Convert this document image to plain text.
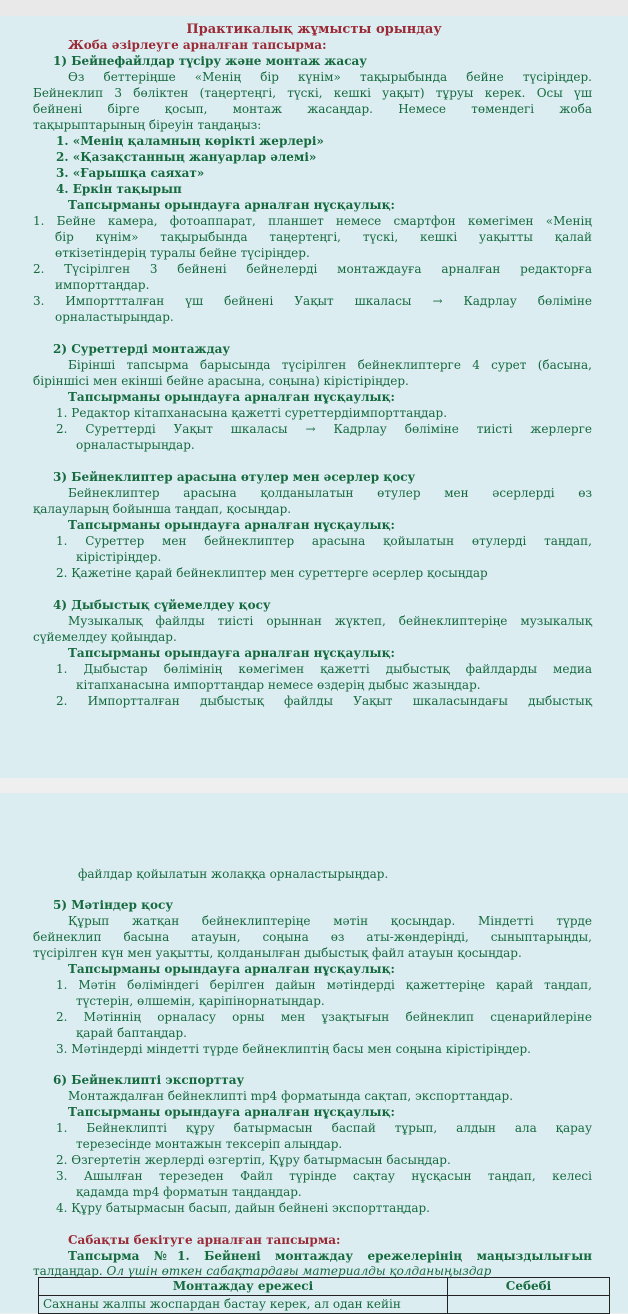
Практикалық жұмысты орындау
Жоба әзірлеуге арналған тапсырма:
1) Бейнефайлдар түсіру және монтаж жасау
Өз беттеріңше «Менің бір күнім» тақырыбында бейне түсіріңдер.
Бейнеклип 3 бөліктен (таңертеңгі, түскі, кешкі уақыт) тұруы керек. Осы үш
бейнені бірге қосып, монтаж жасаңдар. Немесе төмендегі жоба
тақырыптарының біреуін таңдаңыз:
1. «Менің қаламның көрікті жерлері»
2. «Қазақстанның жануарлар әлемі»
3. «Ғарышқа саяхат»
4. Еркін тақырып
Тапсырманы орындауға арналған нұсқаулық:
1. Бейне камера, фотоаппарат, планшет немесе смартфон көмегімен «Менің
бір күнім» тақырыбында таңертеңгі, түскі, кешкі уақытты қалай
өткізетіндерің туралы бейне түсіріңдер.
2. Түсірілген 3 бейнені бейнелерді монтаждауға арналған редакторға
импорттаңдар.
3. Импорттталған үш бейнені Уақыт шкаласы → Кадрлау бөліміне
орналастырыңдар.
2) Суреттерді монтаждау
Бірінші тапсырма барысында түсірілген бейнеклиптерге 4 сурет (басына,
біріншісі мен екінші бейне арасына, соңына) кірістіріңдер.
Тапсырманы орындауға арналған нұсқаулық:
1. Редактор кітапханасына қажетті суреттердіимпорттаңдар.
2. Суреттерді Уақыт шкаласы → Кадрлау бөліміне тиісті жерлерге
орналастырыңдар.
3) Бейнеклиптер арасына өтулер мен әсерлер қосу
Бейнеклиптер арасына қолданылатын өтулер мен әсерлерді өз
қалауларың бойынша таңдап, қосыңдар.
Тапсырманы орындауға арналған нұсқаулық:
1. Суреттер мен бейнеклиптер арасына қойылатын өтулерді таңдап,
кірістіріңдер.
2. Қажетіне қарай бейнеклиптер мен суреттерге әсерлер қосыңдар
4) Дыбыстық сүйемелдеу қосу
Музыкалық файлды тиісті орыннан жүктеп, бейнеклиптеріңе музыкалық
сүйемелдеу қойыңдар.
Тапсырманы орындауға арналған нұсқаулық:
1. Дыбыстар бөлімінің көмегімен қажетті дыбыстық файлдарды медиа
кітапханасына импорттаңдар немесе өздерің дыбыс жазыңдар.
2. Импортталған дыбыстық файлды Уақыт шкаласындағы дыбыстық
файлдар қойылатын жолаққа орналастырыңдар.
5) Мәтіндер қосу
Құрып жатқан бейнеклиптеріңе мәтін қосыңдар. Міндетті түрде
бейнеклип басына атауын, соңына өз аты-жөндеріңді, сыныптарыңды,
түсірілген күн мен уақытты, қолданылған дыбыстық файл атауын қосыңдар.
Тапсырманы орындауға арналған нұсқаулық:
1. Мәтін бөліміндегі берілген дайын мәтіндерді қажеттеріңе қарай таңдап,
түстерін, өлшемін, қаріпінорнатыңдар.
2. Мәтіннің орналасу орны мен ұзақтығын бейнеклип сценарийлеріне
қарай баптаңдар.
3. Мәтіндерді міндетті түрде бейнеклиптің басы мен соңына кірістіріңдер.
6) Бейнеклипті экспорттау
Монтаждалған бейнеклипті mp4 форматында сақтап, экспорттаңдар.
Тапсырманы орындауға арналған нұсқаулық:
1. Бейнеклипті құру батырмасын баспай тұрып, алдын ала қарау
терезесінде монтажын тексеріп алыңдар.
2. Өзгертетін жерлерді өзгертіп, Құру батырмасын басыңдар.
3. Ашылған терезеден Файл түрінде сақтау нұсқасын таңдап, келесі
қадамда mp4 форматын таңдаңдар.
4. Құру батырмасын басып, дайын бейнені экспорттаңдар.
Сабақты бекітуге арналған тапсырма:
Тапсырма №1. Бейнені монтаждау ережелерінің маңыздылығын
талдаңдар. Ол үшін өткен сабақтардағы материалды қолданыңыздар
Монтаждау ережесі	Себебі
Сахнаны жалпы жоспардан бастау керек, ал одан кейін	
